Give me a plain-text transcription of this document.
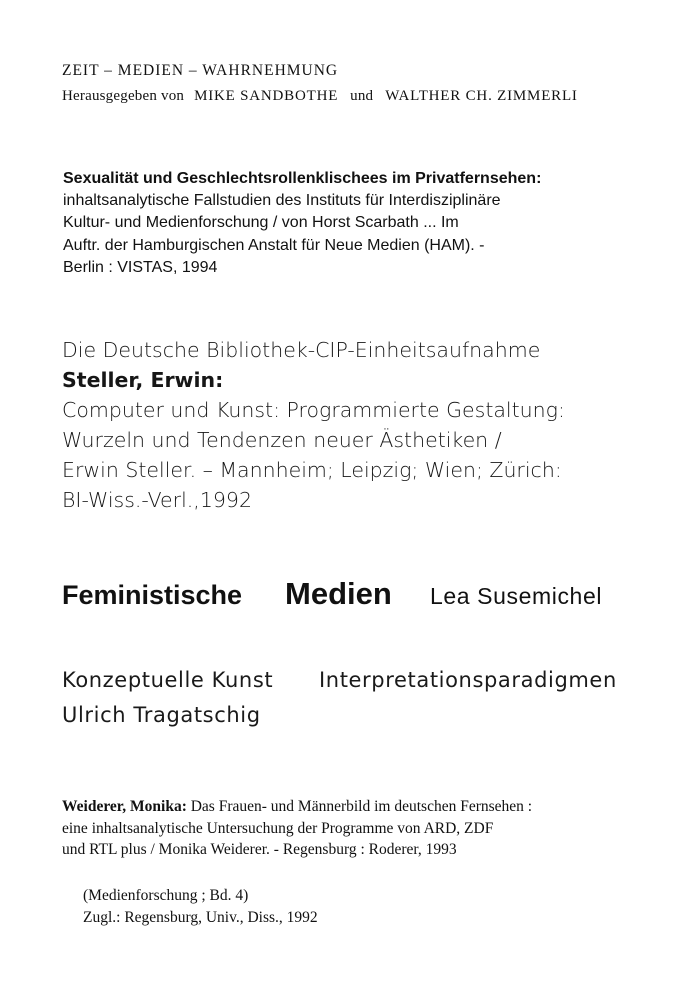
ZEIT – MEDIEN – WAHRNEHMUNG
Herausgegeben von MIKE SANDBOTHE und WALTHER CH. ZIMMERLI
Sexualität und Geschlechtsrollenklischees im Privatfernsehen:
inhaltsanalytische Fallstudien des Instituts für Interdisziplinäre
Kultur- und Medienforschung / von Horst Scarbath ... Im
Auftr. der Hamburgischen Anstalt für Neue Medien (HAM). -
Berlin : VISTAS, 1994
Die Deutsche Bibliothek-CIP-Einheitsaufnahme
Steller, Erwin:
Computer und Kunst: Programmierte Gestaltung:
Wurzeln und Tendenzen neuer Ästhetiken /
Erwin Steller. – Mannheim; Leipzig; Wien; Zürich:
BI-Wiss.-Verl.,1992
Feministische Medien Lea Susemichel
Konzeptuelle Kunst Interpretationsparadigmen
Ulrich Tragatschig
Weiderer, Monika: Das Frauen- und Männerbild im deutschen Fernsehen :
eine inhaltsanalytische Untersuchung der Programme von ARD, ZDF
und RTL plus / Monika Weiderer. - Regensburg : Roderer, 1993
(Medienforschung ; Bd. 4)
Zugl.: Regensburg, Univ., Diss., 1992
